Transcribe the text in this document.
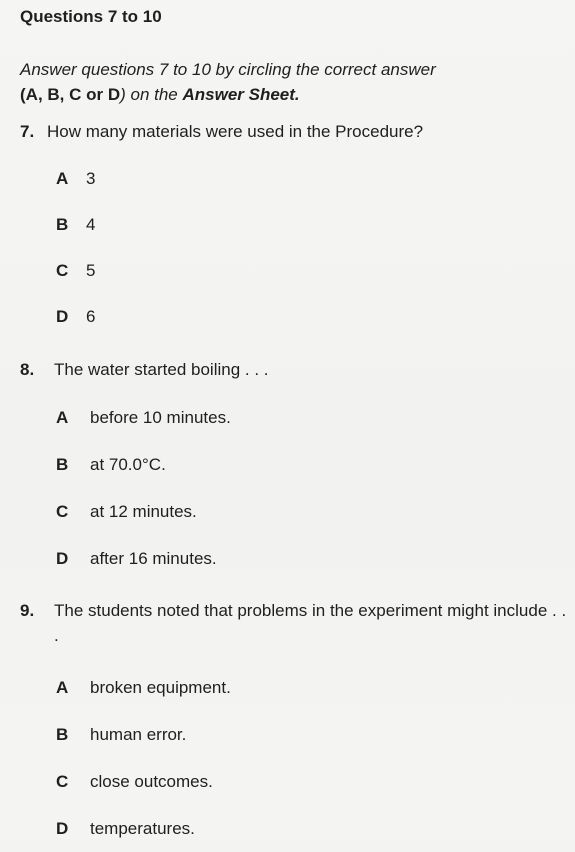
Questions 7 to 10

Answer questions 7 to 10 by circling the correct answer
(A, B, C or D) on the Answer Sheet.

7. How many materials were used in the Procedure?
A	3
B	4
C	5
D	6
8.	The water started boiling . . .
A	before 10 minutes.
B	at 70.0°C.
C	at 12 minutes.
D	after 16 minutes.
9.	The students noted that problems in the experiment might include . . .
A	broken equipment.
B	human error.
C	close outcomes.
D	temperatures.
